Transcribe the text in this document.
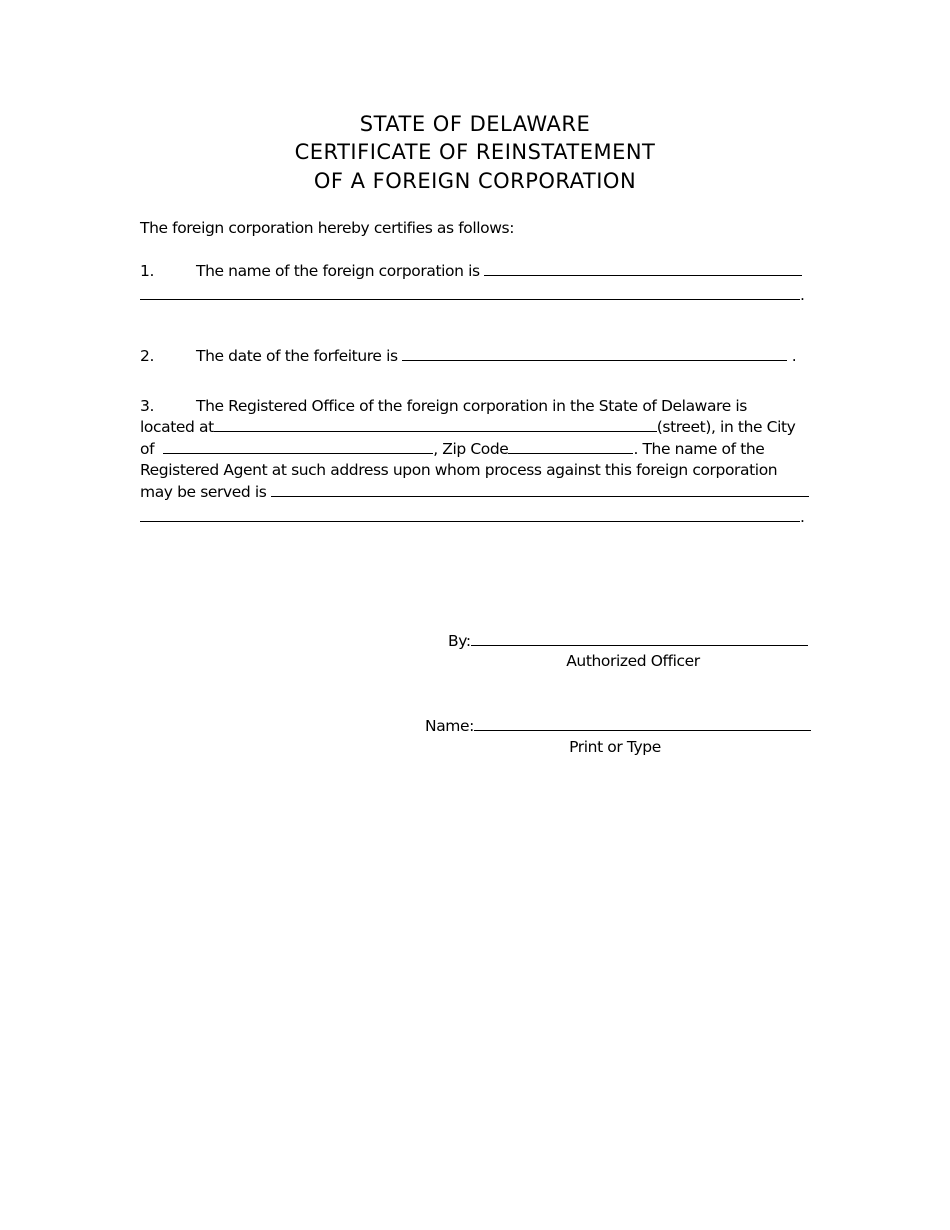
STATE OF DELAWARE
CERTIFICATE OF REINSTATEMENT
OF A FOREIGN CORPORATION
The foreign corporation hereby certifies as follows:
1.	The name of the foreign corporation is
.
2.	The date of the forfeiture is	.
3.	The Registered Office of the foreign corporation in the State of Delaware is
located at	(street), in the City
of	, Zip Code	. The name of the
Registered Agent at such address upon whom process against this foreign corporation
may be served is
.
By:
Authorized Officer
Name:
Print or Type
